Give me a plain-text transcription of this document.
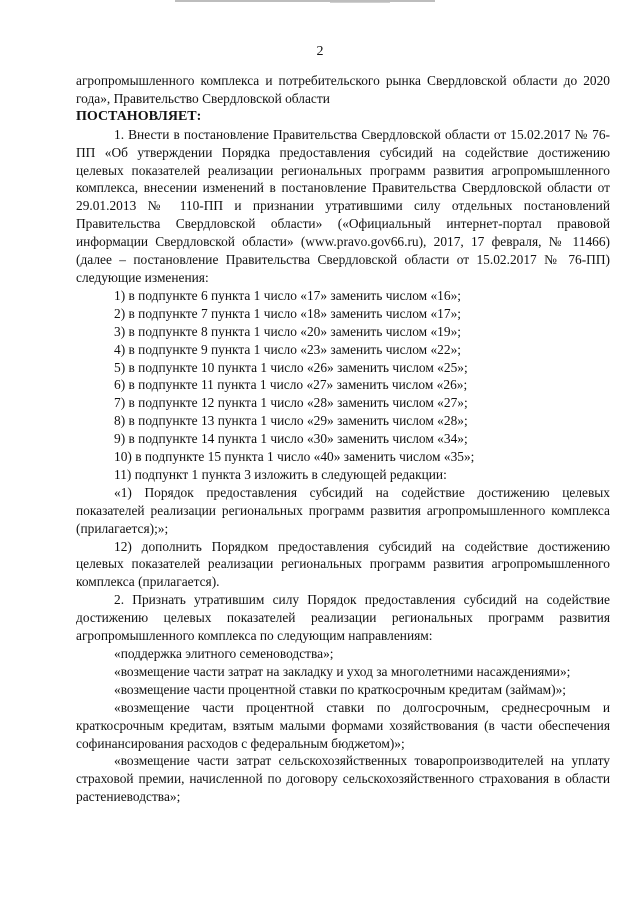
2

агропромышленного комплекса и потребительского рынка Свердловской области до 2020 года», Правительство Свердловской области

ПОСТАНОВЛЯЕТ:

1. Внести в постановление Правительства Свердловской области от 15.02.2017 № 76-ПП «Об утверждении Порядка предоставления субсидий на содействие достижению целевых показателей реализации региональных программ развития агропромышленного комплекса, внесении изменений в постановление Правительства Свердловской области от 29.01.2013 № 110-ПП и признании утратившими силу отдельных постановлений Правительства Свердловской области» («Официальный интернет-портал правовой информации Свердловской области» (www.pravo.gov66.ru), 2017, 17 февраля, № 11466) (далее – постановление Правительства Свердловской области от 15.02.2017 № 76-ПП) следующие изменения:

1) в подпункте 6 пункта 1 число «17» заменить числом «16»;

2) в подпункте 7 пункта 1 число «18» заменить числом «17»;

3) в подпункте 8 пункта 1 число «20» заменить числом «19»;

4) в подпункте 9 пункта 1 число «23» заменить числом «22»;

5) в подпункте 10 пункта 1 число «26» заменить числом «25»;

6) в подпункте 11 пункта 1 число «27» заменить числом «26»;

7) в подпункте 12 пункта 1 число «28» заменить числом «27»;

8) в подпункте 13 пункта 1 число «29» заменить числом «28»;

9) в подпункте 14 пункта 1 число «30» заменить числом «34»;

10) в подпункте 15 пункта 1 число «40» заменить числом «35»;

11) подпункт 1 пункта 3 изложить в следующей редакции:

«1) Порядок предоставления субсидий на содействие достижению целевых показателей реализации региональных программ развития агропромышленного комплекса (прилагается);»;

12) дополнить Порядком предоставления субсидий на содействие достижению целевых показателей реализации региональных программ развития агропромышленного комплекса (прилагается).

2. Признать утратившим силу Порядок предоставления субсидий на содействие достижению целевых показателей реализации региональных программ развития агропромышленного комплекса по следующим направлениям:

«поддержка элитного семеноводства»;

«возмещение части затрат на закладку и уход за многолетними насаждениями»;

«возмещение части процентной ставки по краткосрочным кредитам (займам)»;

«возмещение части процентной ставки по долгосрочным, среднесрочным и краткосрочным кредитам, взятым малыми формами хозяйствования (в части обеспечения софинансирования расходов с федеральным бюджетом)»;

«возмещение части затрат сельскохозяйственных товаропроизводителей на уплату страховой премии, начисленной по договору сельскохозяйственного страхования в области растениеводства»;
